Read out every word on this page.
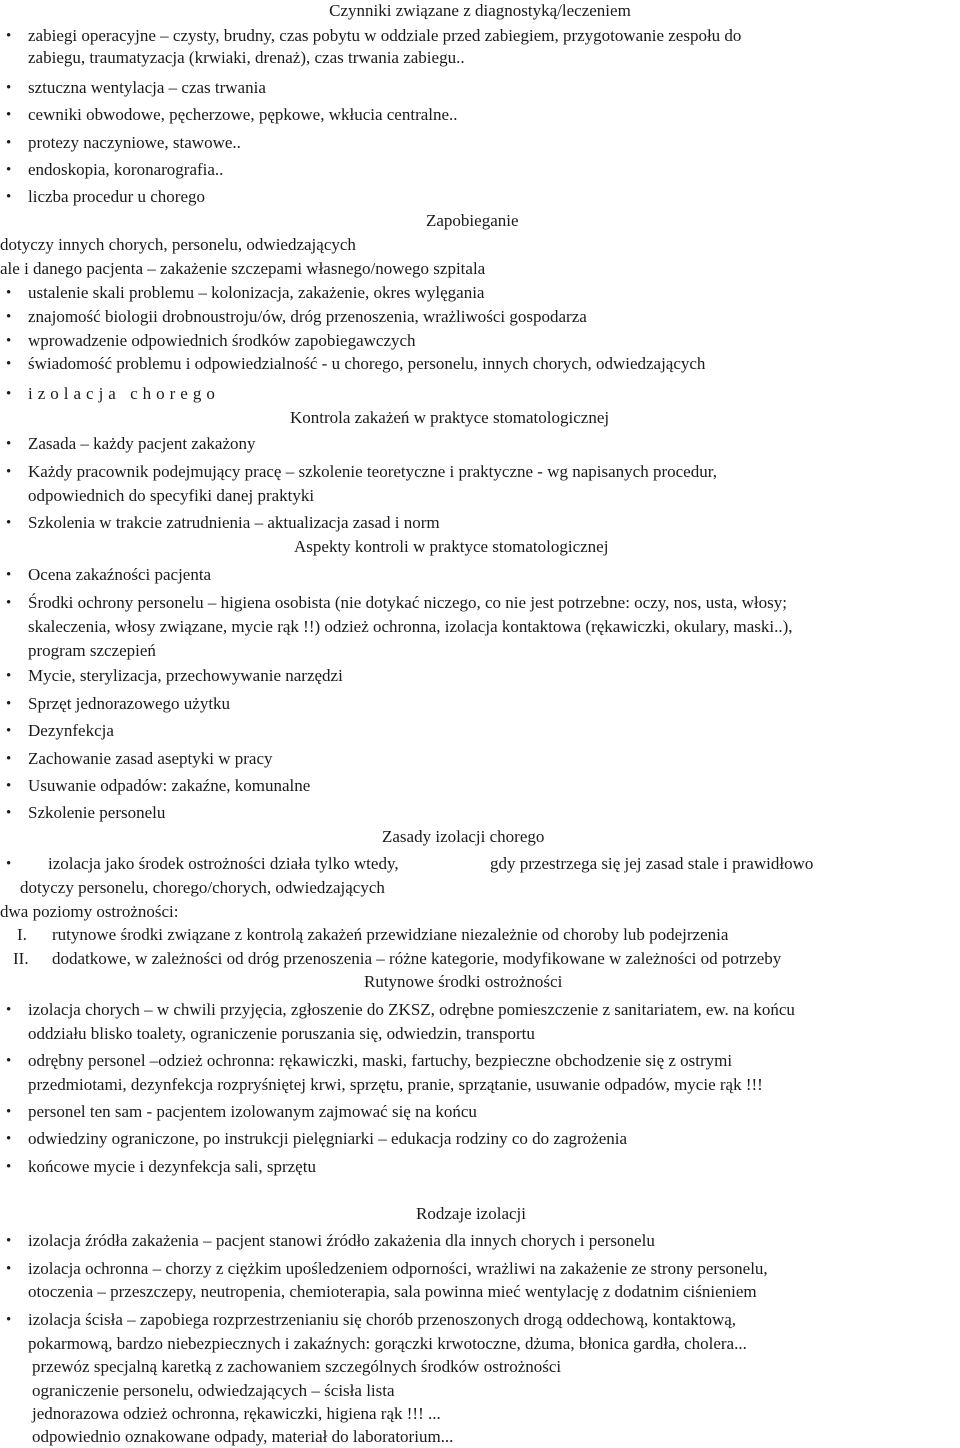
Czynniki związane z diagnostyką/leczeniem
• zabiegi operacyjne – czysty, brudny, czas pobytu w oddziale przed zabiegiem, przygotowanie zespołu do
zabiegu, traumatyzacja (krwiaki, drenaż), czas trwania zabiegu..
• sztuczna wentylacja – czas trwania
• cewniki obwodowe, pęcherzowe, pępkowe, wkłucia centralne..
• protezy naczyniowe, stawowe..
• endoskopia, koronarografia..
• liczba procedur u chorego
Zapobieganie
dotyczy innych chorych, personelu, odwiedzających
ale i danego pacjenta – zakażenie szczepami własnego/nowego szpitala
• ustalenie skali problemu – kolonizacja, zakażenie, okres wylęgania
• znajomość biologii drobnoustroju/ów, dróg przenoszenia, wrażliwości gospodarza
• wprowadzenie odpowiednich środków zapobiegawczych
• świadomość problemu i odpowiedzialność - u chorego, personelu, innych chorych, odwiedzających
• izolacja chorego
Kontrola zakażeń w praktyce stomatologicznej
• Zasada – każdy pacjent zakażony
• Każdy pracownik podejmujący pracę – szkolenie teoretyczne i praktyczne - wg napisanych procedur,
odpowiednich do specyfiki danej praktyki
• Szkolenia w trakcie zatrudnienia – aktualizacja zasad i norm
Aspekty kontroli w praktyce stomatologicznej
• Ocena zakaźności pacjenta
• Środki ochrony personelu – higiena osobista (nie dotykać niczego, co nie jest potrzebne: oczy, nos, usta, włosy;
skaleczenia, włosy związane, mycie rąk !!) odzież ochronna, izolacja kontaktowa (rękawiczki, okulary, maski..),
program szczepień
• Mycie, sterylizacja, przechowywanie narzędzi
• Sprzęt jednorazowego użytku
• Dezynfekcja
• Zachowanie zasad aseptyki w pracy
• Usuwanie odpadów: zakaźne, komunalne
• Szkolenie personelu
Zasady izolacji chorego
• izolacja jako środek ostrożności działa tylko wtedy,	gdy przestrzega się jej zasad stale i prawidłowo
dotyczy personelu, chorego/chorych, odwiedzających
dwa poziomy ostrożności:
I. rutynowe środki związane z kontrolą zakażeń przewidziane niezależnie od choroby lub podejrzenia
II. dodatkowe, w zależności od dróg przenoszenia – różne kategorie, modyfikowane w zależności od potrzeby
Rutynowe środki ostrożności
• izolacja chorych – w chwili przyjęcia, zgłoszenie do ZKSZ, odrębne pomieszczenie z sanitariatem, ew. na końcu
oddziału blisko toalety, ograniczenie poruszania się, odwiedzin, transportu
• odrębny personel –odzież ochronna: rękawiczki, maski, fartuchy, bezpieczne obchodzenie się z ostrymi
przedmiotami, dezynfekcja rozpryśniętej krwi, sprzętu, pranie, sprzątanie, usuwanie odpadów, mycie rąk !!!
• personel ten sam - pacjentem izolowanym zajmować się na końcu
• odwiedziny ograniczone, po instrukcji pielęgniarki – edukacja rodziny co do zagrożenia
• końcowe mycie i dezynfekcja sali, sprzętu
Rodzaje izolacji
• izolacja źródła zakażenia – pacjent stanowi źródło zakażenia dla innych chorych i personelu
• izolacja ochronna – chorzy z ciężkim upośledzeniem odporności, wrażliwi na zakażenie ze strony personelu,
otoczenia – przeszczepy, neutropenia, chemioterapia, sala powinna mieć wentylację z dodatnim ciśnieniem
• izolacja ścisła – zapobiega rozprzestrzenianiu się chorób przenoszonych drogą oddechową, kontaktową,
pokarmową, bardzo niebezpiecznych i zakaźnych: gorączki krwotoczne, dżuma, błonica gardła, cholera...
przewóz specjalną karetką z zachowaniem szczególnych środków ostrożności
ograniczenie personelu, odwiedzających – ścisła lista
jednorazowa odzież ochronna, rękawiczki, higiena rąk !!! ...
odpowiednio oznakowane odpady, materiał do laboratorium...
